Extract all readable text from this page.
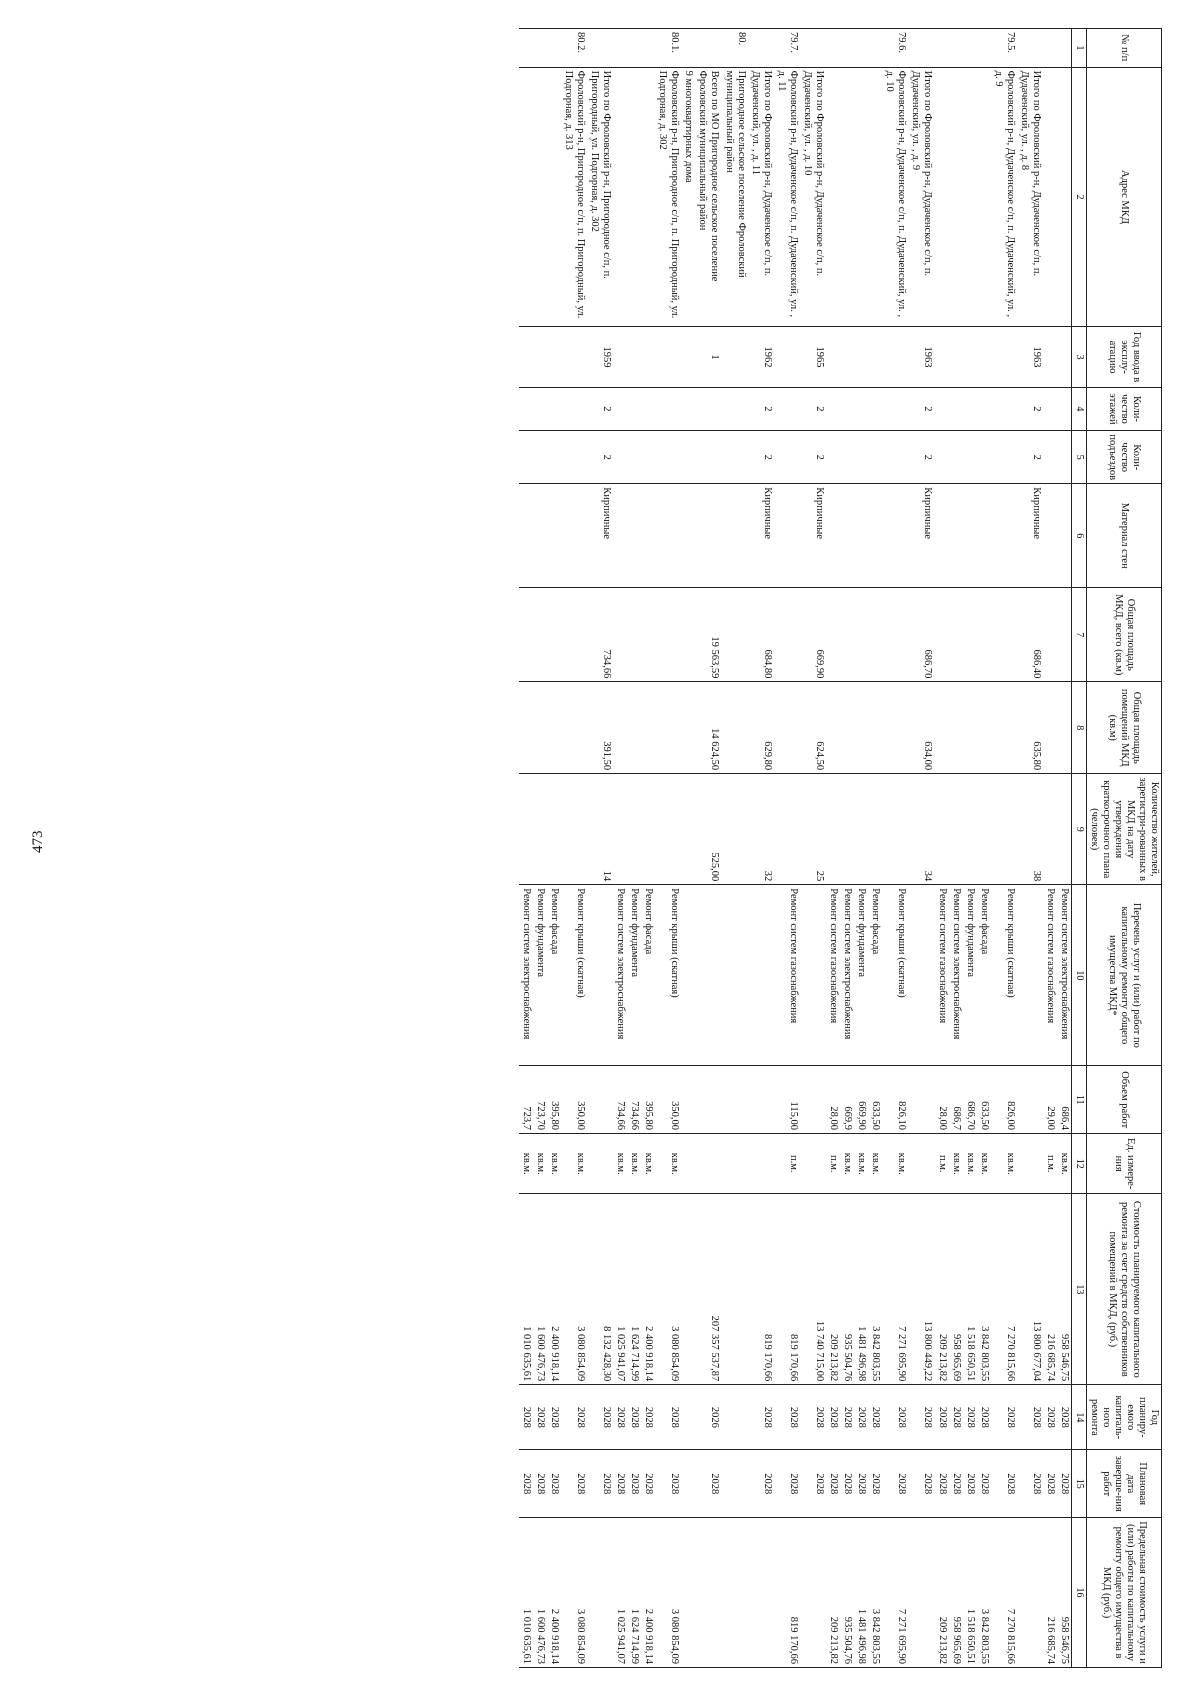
473
№ п/п	Адрес МКД	Год ввода в эксплу-атацию	Коли-чество этажей	Коли-чество подъездов	Материал стен	Общая площадь МКД, всего (кв.м)	Общая площадь помещений МКД (кв.м)	Количество жителей, зарегистри-рованных в МКД на дату утверждения краткосрочного плана (человек)	Перечень услуг и (или) работ по капитальному ремонту общего имущества МКД*	Объем работ	Ед. измере-ния	Стоимость планируемого капитального ремонта за счет средств собственников помещений в МКД, (руб.)	Год планиру-емого капиталь-ного ремонта	Плановая дата заверше-ния работ	Предельная стоимость услуги и (или) работы по капитальному ремонту общего имущества в МКД (руб.)
1	2	3	4	5	6	7	8	9	10	11	12	13	14	15	16
									Ремонт систем электроснабжения	686,4	кв.м.	958 546,75	2028	2028	958 546,75
									Ремонт систем газоснабжения	29,00	п.м.	216 685,74	2028	2028	216 685,74
	Итого по Фроловский р-н, Дудаченское с/п, п. Дудаченский, ул. , д. 8	1963	2	2	Кирпичные	686,40	635,80	38				13 800 677,04	2028	2028	
79.5.	Фроловский р-н, Дудаченское с/п, п. Дудаченский, ул. , д. 9								Ремонт крыши (скатная)	826,00	кв.м.	7 270 815,66	2028	2028	7 270 815,66
									Ремонт фасада	633,50	кв.м.	3 842 803,55	2028	2028	3 842 803,55
									Ремонт фундамента	686,70	кв.м.	1 518 650,51	2028	2028	1 518 650,51
									Ремонт систем электроснабжения	686,7	кв.м.	958 965,69	2028	2028	958 965,69
									Ремонт систем газоснабжения	28,00	п.м.	209 213,82	2028	2028	209 213,82
	Итого по Фроловский р-н, Дудаченское с/п, п. Дудаченский, ул. , д. 9	1963	2	2	Кирпичные	686,70	634,00	34				13 800 449,22	2028	2028	
79.6.	Фроловский р-н, Дудаченское с/п, п. Дудаченский, ул. , д. 10								Ремонт крыши (скатная)	826,10	кв.м.	7 271 695,90	2028	2028	7 271 695,90
									Ремонт фасада	633,50	кв.м.	3 842 803,55	2028	2028	3 842 803,55
									Ремонт фундамента	669,90	кв.м.	1 481 496,98	2028	2028	1 481 496,98
									Ремонт систем электроснабжения	669,9	кв.м.	935 504,76	2028	2028	935 504,76
									Ремонт систем газоснабжения	28,00	п.м.	209 213,82	2028	2028	209 213,82
	Итого по Фроловский р-н, Дудаченское с/п, п. Дудаченский, ул. , д. 10	1965	2	2	Кирпичные	669,90	624,50	25				13 740 715,00	2028	2028	
79.7.	Фроловский р-н, Дудаченское с/п, п. Дудаченский, ул. , д. 11								Ремонт систем газоснабжения	115,00	п.м.	819 170,66	2028	2028	819 170,66
	Итого по Фроловский р-н, Дудаченское с/п, п. Дудаченский, ул. , д. 11	1962	2	2	Кирпичные	684,80	629,80	32				819 170,66	2028	2028	
80.	Пригородное сельское поселение Фроловский муниципальный район														
	Всего по МО Пригородное сельское поселение Фроловский муниципальный район	1				19 563,59	14 624,50	525,00				207 357 537,87	2026	2028	
	9 многоквартирных дома														
80.1.	Фроловский р-н, Пригородное с/п, п. Пригородный, ул. Подгорная, д. 302								Ремонт крыши (скатная)	350,00	кв.м.	3 080 854,09	2028	2028	3 080 854,09
									Ремонт фасада	395,80	кв.м.	2 400 918,14	2028	2028	2 400 918,14
									Ремонт фундамента	734,66	кв.м.	1 624 714,99	2028	2028	1 624 714,99
									Ремонт систем электроснабжения	734,66	кв.м.	1 025 941,07	2028	2028	1 025 941,07
	Итого по Фроловский р-н, Пригородное с/п, п. Пригородный, ул. Подгорная, д. 302	1959	2	2	Кирпичные	734,66	391,50	14				8 132 428,30	2028	2028	
80.2.	Фроловский р-н, Пригородное с/п, п. Пригородный, ул. Подгорная, д. 313								Ремонт крыши (скатная)	350,00	кв.м.	3 080 854,09	2028	2028	3 080 854,09
									Ремонт фасада	395,80	кв.м.	2 400 918,14	2028	2028	2 400 918,14
									Ремонт фундамента	723,70	кв.м.	1 600 476,73	2028	2028	1 600 476,73
									Ремонт систем электроснабжения	723,7	кв.м.	1 010 635,61	2028	2028	1 010 635,61
